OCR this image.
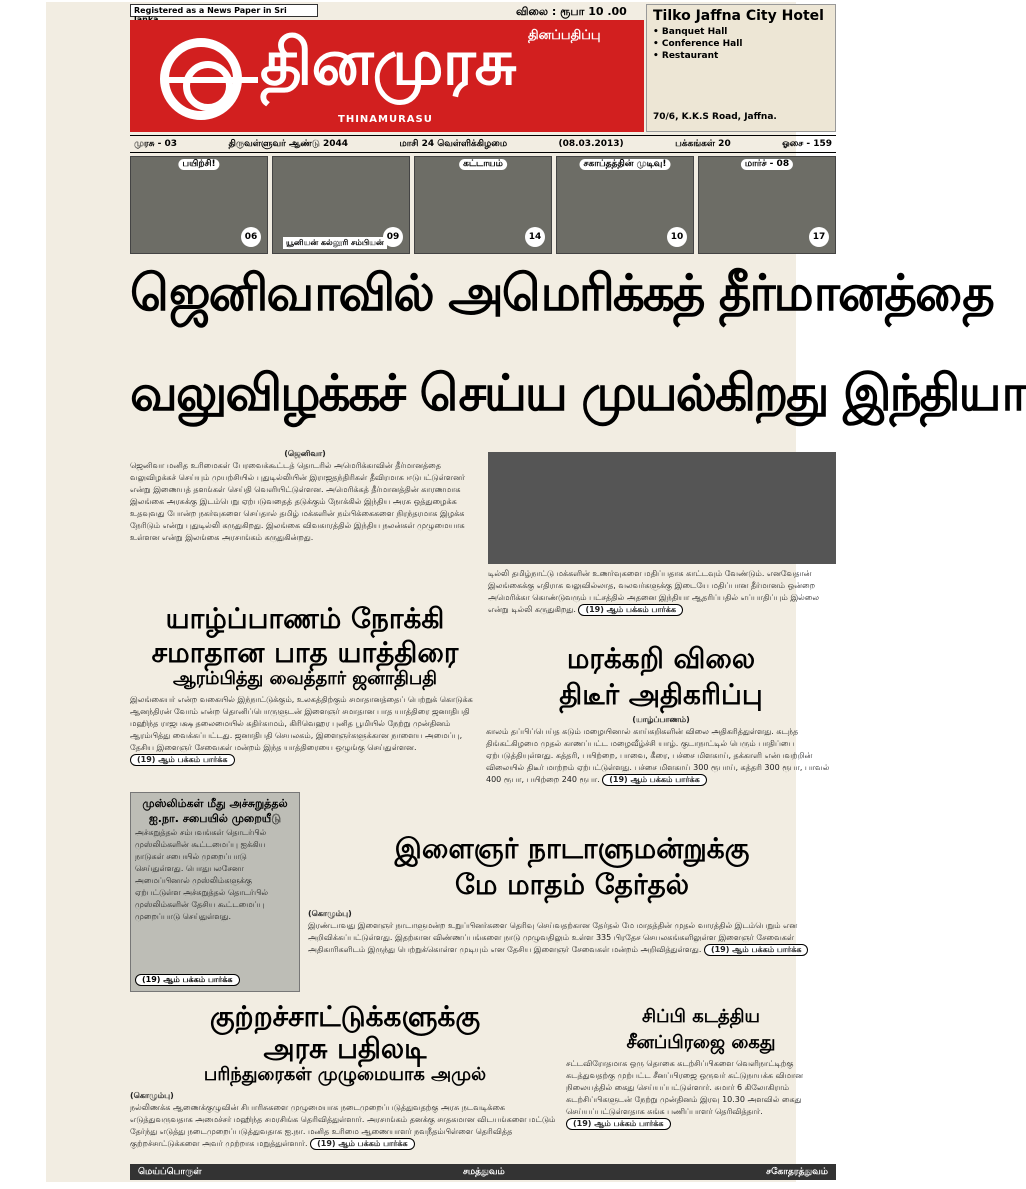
Registered as a News Paper in Sri	விலை : ரூபா 10 .00
தினமுரசு தினப்பதிப்பு
THINAMURASU
Tilko Jaffna City Hotel
• Banquet Hall
• Conference Hall
• Restaurant
70/6, K.K.S Road, Jaffna.
முரசு - 03	திருவள்ளுவர் ஆண்டு 2044	மாசி 24 வெள்ளிக்கிழமை	(08.03.2013)	பக்கங்கள் 20	ஓசை - 159
பயிற்சி!
06
யூனியன் கல்லூரி சம்பியன்
09
கட்டாயம்
14
சகாப்தத்தின் முடிவு!
10
மார்ச் - 08
17
ஜெனிவாவில் அமெரிக்கத் தீர்மானத்தை
வலுவிழக்கச் செய்ய முயல்கிறது இந்தியா
(ஜெனிவா)
ஜெனிவா மனித உரிமைகள் பேரவைக்கூட்டத் தொடரில் அமெரிக்காவின் தீர்மானத்தை வலுவிழக்கச் செய்யும் முயற்சியில் புதுடில்லியின் இராஜதந்திரிகள் தீவிரமாக ஈடுபட்டுள்ளனர் என்று இணையத் தளங்கள் செய்தி வெளியிட்டுள்ளன. அமெரிக்கத் தீர்மானத்தின் காரணமாக இலங்கை அரசுக்கு இடம்பெறு ஏற்படுவதைத் தடுக்கும் நோக்கில் இந்திய அரசு ஒத்துழைக்க உதவுவது போன்ற நகர்வுகளை செய்தால் தமிழ் மக்களின் நம்பிக்கைகளை நிரந்தரமாக இழக்க நேரிடும் என்று புதுடில்லி கருதுகிறது. இலங்கை விவகாரத்தில் இந்திய நலன்கள் முழுமையாக உள்ளன என்று இலங்கை அரசாங்கம் கருதுகின்றது.
டில்லி தமிழ்நாட்டு மக்களின் உணர்வுகளை மதிப்பதாக காட்டவும் வேண்டும். எனவேதான் இலங்கைக்கு எதிராக வலுவில்லாத, வலவர்களுக்கு இடையே மதிப்பான தீர்மானம் ஒன்றை அமெரிக்கா கொண்டுவரும் பட்சத்தில் அதனை இந்தியா ஆதரிப்பதில் எப்பாதிப்பும் இல்லை என்று டில்லி கருதுகிறது. (19) ஆம் பக்கம் பார்க்க
யாழ்ப்பாணம் நோக்கி
சமாதான பாத யாத்திரை
ஆரம்பித்து வைத்தார் ஜனாதிபதி
இலங்கையர் என்ற வகையில் இந்நாட்டுக்கும், உலகத்திற்கும் சமாதானத்தைப் பெற்றுக் கொடுக்க ஆனந்திரன் வோம் என்ற தொனிப்பொருளுடன் இளைஞர் சமாதான பாத யாத்திரை ஜனாதிபதி மஹிந்த ராஜபக்ஷ தலைமையில் கதிர்காமம், கிரிவெஹர புனித பூமியில் நேற்று முன்தினம் ஆரம்பித்து வைக்கப்பட்டது. ஜனாதிபதி செயலகம், இளைஞர்களுக்கான நாளைய அமைப்பு, தேசிய இளைஞர் சேவைகள் மன்றம் இந்த யாத்திரையை ஒழுங்கு செய்துள்ளன. (19) ஆம் பக்கம் பார்க்க
முஸ்லிம்கள் மீது அச்சுறுத்தல்
ஐ.நா. சபையில் முறையீடு
அச்சுறுத்தல் சம்பவங்கள் தொடர்பில் முஸ்லிம்களின் கூட்டமைப்பு ஐக்கிய நாடுகள் சபையில் முறைப்பாடு செய்துள்ளது. பொதுபலசேனா அமைப்பினால் முஸ்லிம்களுக்கு ஏற்பட்டுள்ள அச்சுறுத்தல் தொடர்பில் முஸ்லிம்களின் தேசிய கூட்டமைப்பு முறைப்பாடு செய்துள்ளது.
(19) ஆம் பக்கம் பார்க்க
மரக்கறி விலை
திடீர் அதிகரிப்பு
(யாழ்ப்பாணம்)
காலம் தப்பிப்பெய்த கடும் மழையினால் காய்கறிகளின் விலை அதிகரித்துள்ளது. கடந்த திங்கட்கிழமை முதல் காணப்பட்ட மழைவீழ்ச்சி யாழ். குடாநாட்டில் பெரும் பாதிப்பை ஏற்படுத்தியுள்ளது. கத்தரி, பயிற்றை, பாவை, கீரை, பச்சை மிளகாய், தக்காளி என்பவற்றின் விலையில் திடீர் மாற்றம் ஏற்பட்டுள்ளது. பச்சை மிளகாய் 300 ரூபாய், கத்தரி 300 ரூபா, பாவல் 400 ரூபா, பயிற்றை 240 ரூபா. (19) ஆம் பக்கம் பார்க்க
இளைஞர் நாடாளுமன்றுக்கு
மே மாதம் தேர்தல்
(கொழும்பு)
இரண்டாவது இளைஞர் நாடாளுமன்ற உறுப்பினர்களை தெரிவு செய்வதற்கான தேர்தல் மே மாதத்தின் முதல் வாரத்தில் இடம்பெறும் என அறிவிக்கப்பட்டுள்ளது. இதற்கான விண்ணப்பங்களை நாடு முழுவதிலும் உள்ள 335 பிரதேச செயலகங்களிலுள்ள இளைஞர் சேவைகள் அதிகாரிகளிடம் இருந்து பெற்றுக்கொள்ள முடியும் என தேசிய இளைஞர் சேவைகள் மன்றம் அறிவித்துள்ளது. (19) ஆம் பக்கம் பார்க்க
குற்றச்சாட்டுக்களுக்கு
அரசு பதிலடி
பரிந்துரைகள் முழுமையாக அமுல்
(கொழும்பு)
நல்லிணக்க ஆணைக்குழுவின் சிபாரிசுகளை முழுமையாக நடைமுறைப்படுத்துவதற்கு அரசு நடவடிக்கை எடுத்துவருவதாக அமைச்சர் மஹிந்த சமரசிங்க தெரிவித்துள்ளார். அரசாங்கம் தனக்கு சாதகமான விடயங்களை மட்டும் தேர்ந்து எடுத்து நடைமுறைப்படுத்துவதாக ஐ.நா. மனித உரிமை ஆணையாளர் நவநீதம்பிள்ளை தெரிவித்த குற்றச்சாட்டுக்களை அவர் முற்றாக மறுத்துள்ளார். (19) ஆம் பக்கம் பார்க்க
சிப்பி கடத்திய
சீனப்பிரஜை கைது
சட்டவிரோதமாக ஒரு தொகை கடற்சிப்பிகளை வெளிநாட்டிற்கு கடத்துவதற்கு முற்பட்ட சீனப்பிரஜை ஒருவர் கட்டுநாயக்க விமான நிலையத்தில் கைது செய்யப்பட்டுள்ளார். சுமார் 6 கிலோகிராம் கடற்சிப்பிகளுடன் நேற்று முன்தினம் இரவு 10.30 அளவில் கைது செய்யப்பட்டுள்ளதாக சுங்க பணிப்பாளர் தெரிவித்தார். (19) ஆம் பக்கம் பார்க்க
மெய்ப்பொருள்	சமத்துவம்	சகோதரத்துவம்
